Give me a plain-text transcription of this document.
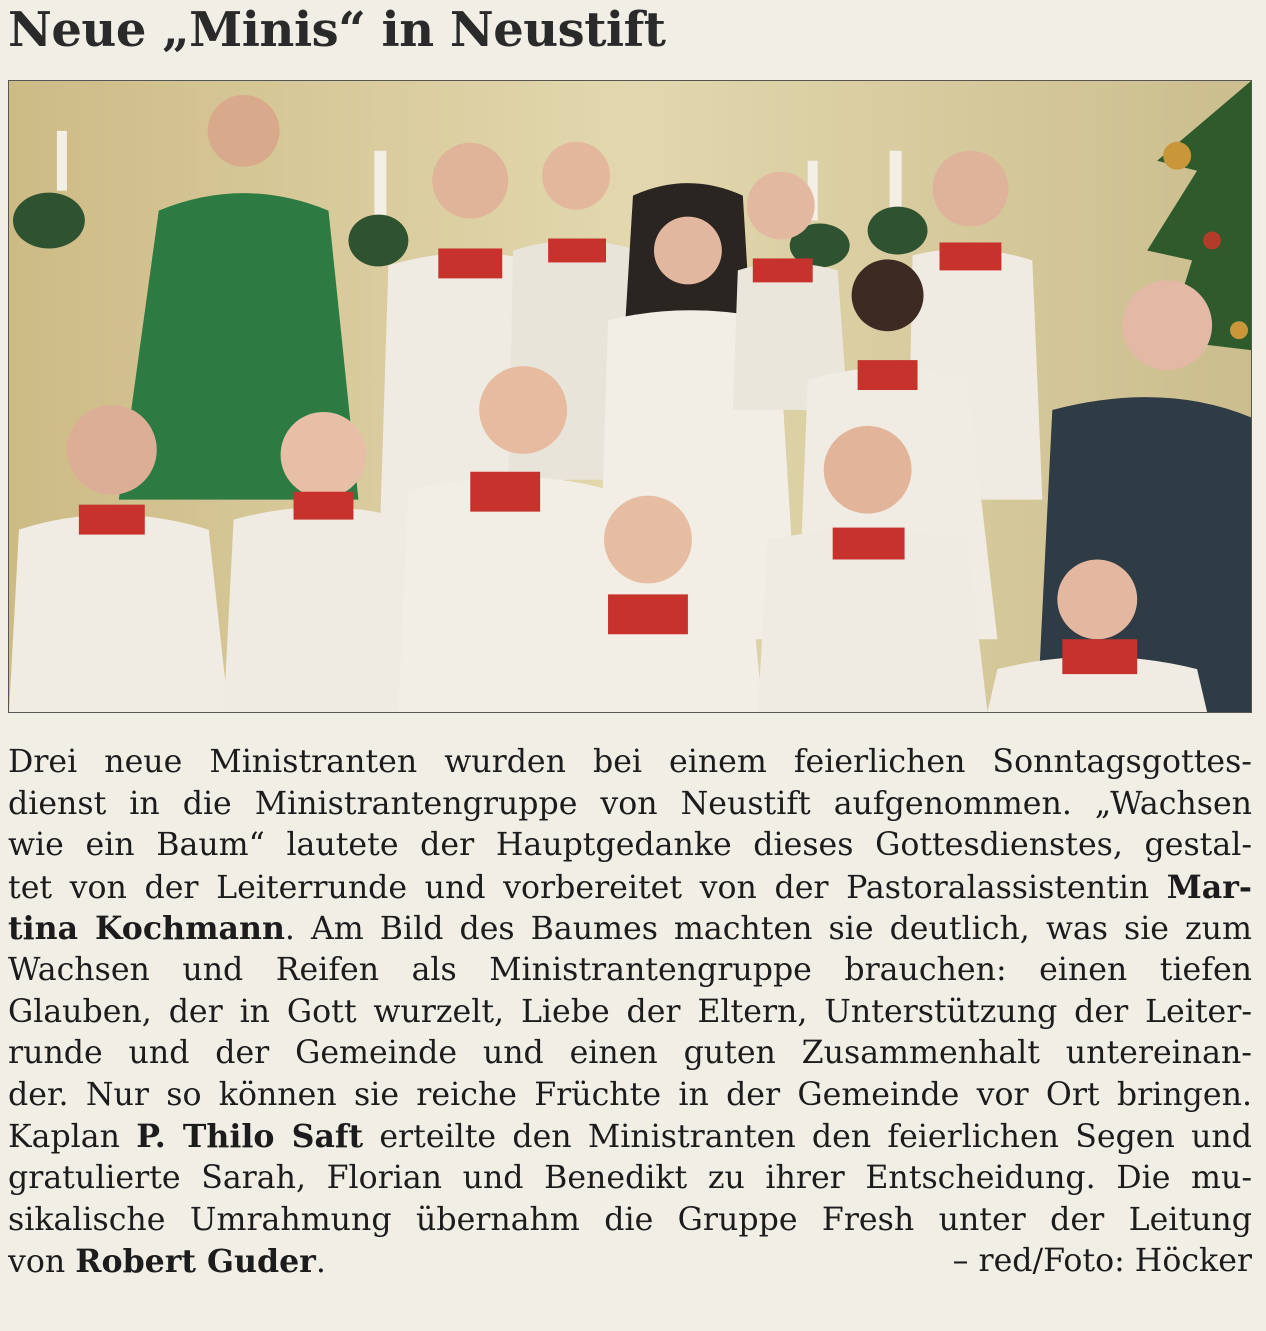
Neue „Minis“ in Neustift
Drei neue Ministranten wurden bei einem feierlichen Sonntagsgottes-
dienst in die Ministrantengruppe von Neustift aufgenommen. „Wachsen
wie ein Baum“ lautete der Hauptgedanke dieses Gottesdienstes, gestal-
tet von der Leiterrunde und vorbereitet von der Pastoralassistentin Mar-
tina Kochmann. Am Bild des Baumes machten sie deutlich, was sie zum
Wachsen und Reifen als Ministrantengruppe brauchen: einen tiefen
Glauben, der in Gott wurzelt, Liebe der Eltern, Unterstützung der Leiter-
runde und der Gemeinde und einen guten Zusammenhalt untereinan-
der. Nur so können sie reiche Früchte in der Gemeinde vor Ort bringen.
Kaplan P. Thilo Saft erteilte den Ministranten den feierlichen Segen und
gratulierte Sarah, Florian und Benedikt zu ihrer Entscheidung. Die mu-
sikalische Umrahmung übernahm die Gruppe Fresh unter der Leitung
von Robert Guder.	– red/Foto: Höcker
